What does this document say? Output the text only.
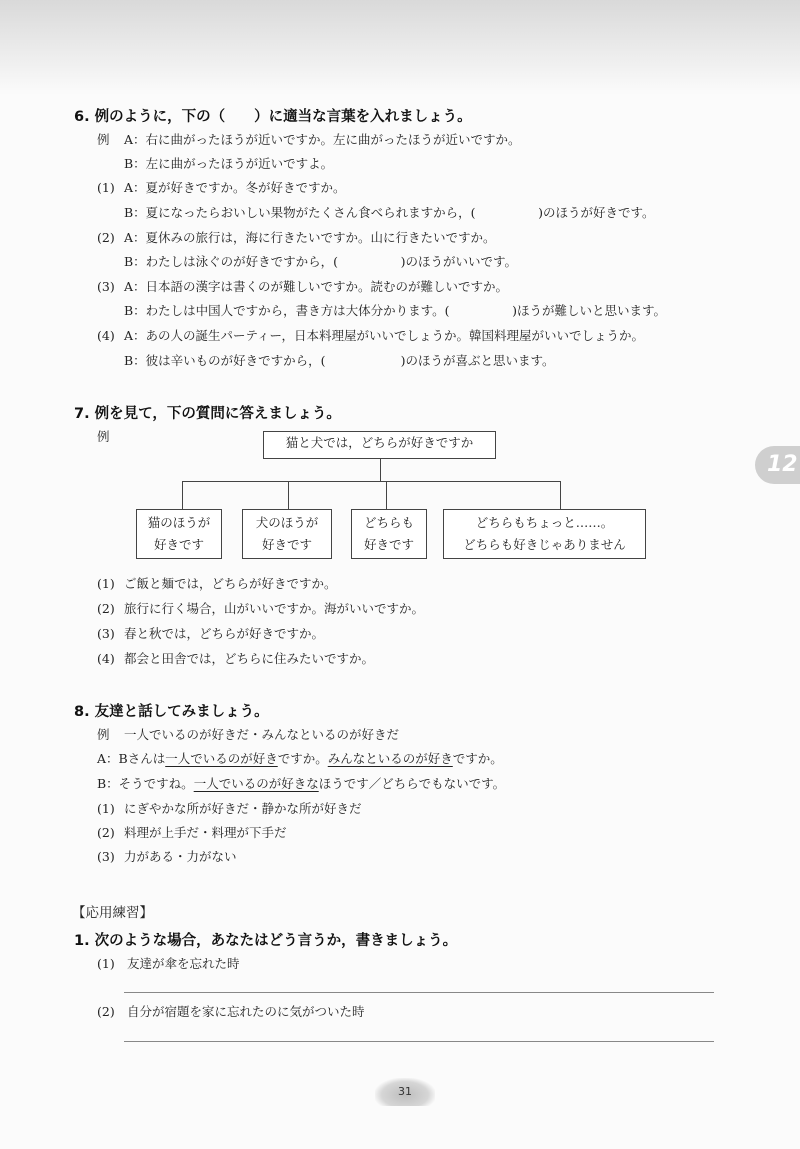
6. 例のように，下の（　　）に適当な言葉を入れましょう。
例 A：右に曲がったほうが近いですか。左に曲がったほうが近いですか。
B：左に曲がったほうが近いですよ。
(1) A：夏が好きですか。冬が好きですか。
B：夏になったらおいしい果物がたくさん食べられますから，(　　　　　)のほうが好きです。
(2) A：夏休みの旅行は，海に行きたいですか。山に行きたいですか。
B：わたしは泳ぐのが好きですから，(　　　　　)のほうがいいです。
(3) A：日本語の漢字は書くのが難しいですか。読むのが難しいですか。
B：わたしは中国人ですから，書き方は大体分かります。(　　　　　)ほうが難しいと思います。
(4) A：あの人の誕生パーティー，日本料理屋がいいでしょうか。韓国料理屋がいいでしょうか。
B：彼は辛いものが好きですから，(　　　　　　)のほうが喜ぶと思います。
7. 例を見て，下の質問に答えましょう。
例	猫と犬では，どちらが好きですか
猫のほうが
好きです
犬のほうが
好きです
どちらも
好きです
どちらもちょっと……。
どちらも好きじゃありません
(1) ご飯と麺では，どちらが好きですか。
(2) 旅行に行く場合，山がいいですか。海がいいですか。
(3) 春と秋では，どちらが好きですか。
(4) 都会と田舎では，どちらに住みたいですか。
8. 友達と話してみましょう。
例 一人でいるのが好きだ・みんなといるのが好きだ
A：Bさんは一人でいるのが好きですか。みんなといるのが好きですか。
B：そうですね。一人でいるのが好きなほうです／どちらでもないです。
(1) にぎやかな所が好きだ・静かな所が好きだ
(2) 料理が上手だ・料理が下手だ
(3) 力がある・力がない
【応用練習】
1. 次のような場合，あなたはどう言うか，書きましょう。
(1) 友達が傘を忘れた時
(2) 自分が宿題を家に忘れたのに気がついた時
12
31
